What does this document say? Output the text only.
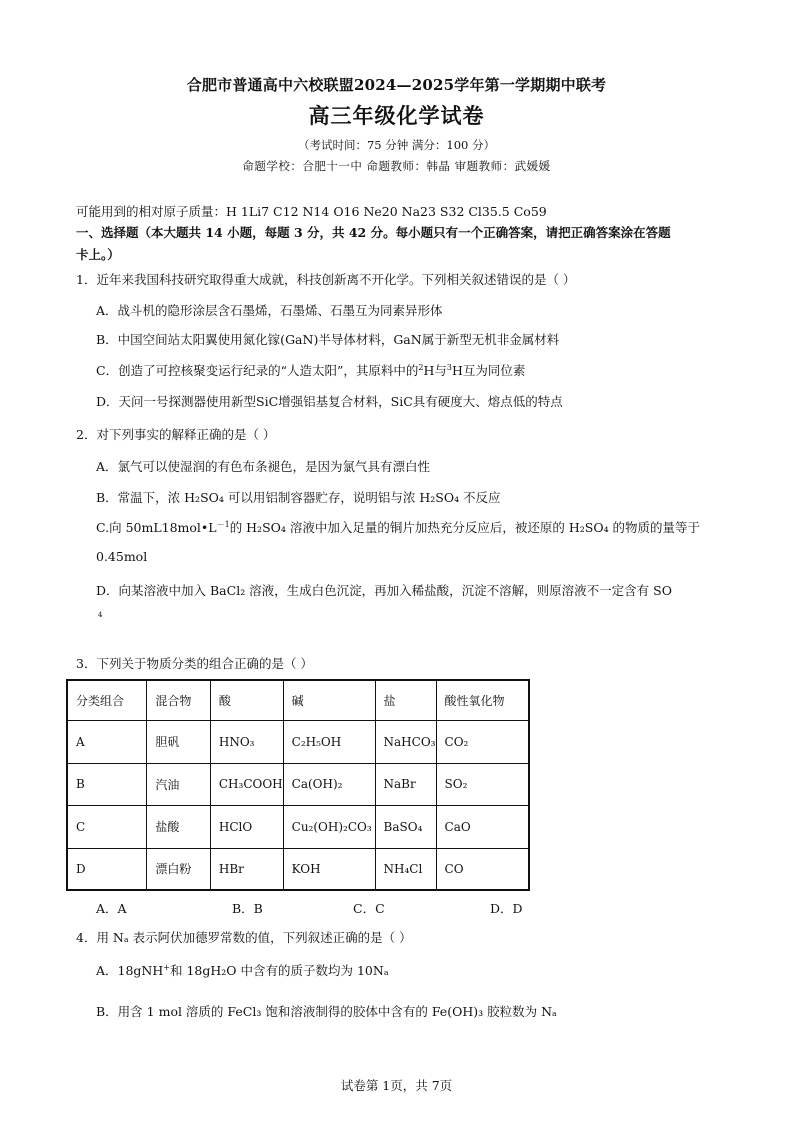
合肥市普通高中六校联盟2024—2025学年第一学期期中联考
高三年级化学试卷
（考试时间：75 分钟 满分：100 分）
命题学校：合肥十一中 命题教师：韩晶 审题教师：武媛媛
可能用到的相对原子质量：H 1Li7 C12 N14 O16 Ne20 Na23 S32 Cl35.5 Co59
一、选择题（本大题共 14 小题，每题 3 分，共 42 分。每小题只有一个正确答案，请把正确答案涂在答题
卡上。）
1．近年来我国科技研究取得重大成就，科技创新离不开化学。下列相关叙述错误的是（ ）
A．战斗机的隐形涂层含石墨烯，石墨烯、石墨互为同素异形体
B．中国空间站太阳翼使用氮化镓(GaN)半导体材料，GaN属于新型无机非金属材料
C．创造了可控核聚变运行纪录的“人造太阳”，其原料中的$^2$H与$^3$H互为同位素
D．天问一号探测器使用新型SiC增强铝基复合材料，SiC具有硬度大、熔点低的特点
2．对下列事实的解释正确的是（ ）
A．氯气可以使湿润的有色布条褪色，是因为氯气具有漂白性
B．常温下，浓 H₂SO₄ 可以用铝制容器贮存，说明铝与浓 H₂SO₄ 不反应
C.向 $50mL18mol•L^{-1}$的 H₂SO₄ 溶液中加入足量的铜片加热充分反应后，被还原的 H₂SO₄ 的物质的量等于
0.45mol
D．向某溶液中加入 BaCl₂ 溶液，生成白色沉淀，再加入稀盐酸，沉淀不溶解，则原溶液不一定含有 SO
4
3．下列关于物质分类的组合正确的是（ ）
分类组合	混合物	酸	碱	盐	酸性氧化物
A	胆矾	HNO₃	C₂H₅OH	NaHCO₃	CO₂
B	汽油	CH₃COOH	Ca(OH)₂	NaBr	SO₂
C	盐酸	HClO	Cu₂(OH)₂CO₃	BaSO₄	CaO
D	漂白粉	HBr	KOH	NH₄Cl	CO
A．A	B．B	C．C	D．D
4．用 Nₐ 表示阿伏加德罗常数的值，下列叙述正确的是（ ）
A．18gNH+和 18gH₂O 中含有的质子数均为 10Nₐ
B．用含 1 mol 溶质的 FeCl₃ 饱和溶液制得的胶体中含有的 Fe(OH)₃ 胶粒数为 Nₐ
试卷第 1页，共 7页
